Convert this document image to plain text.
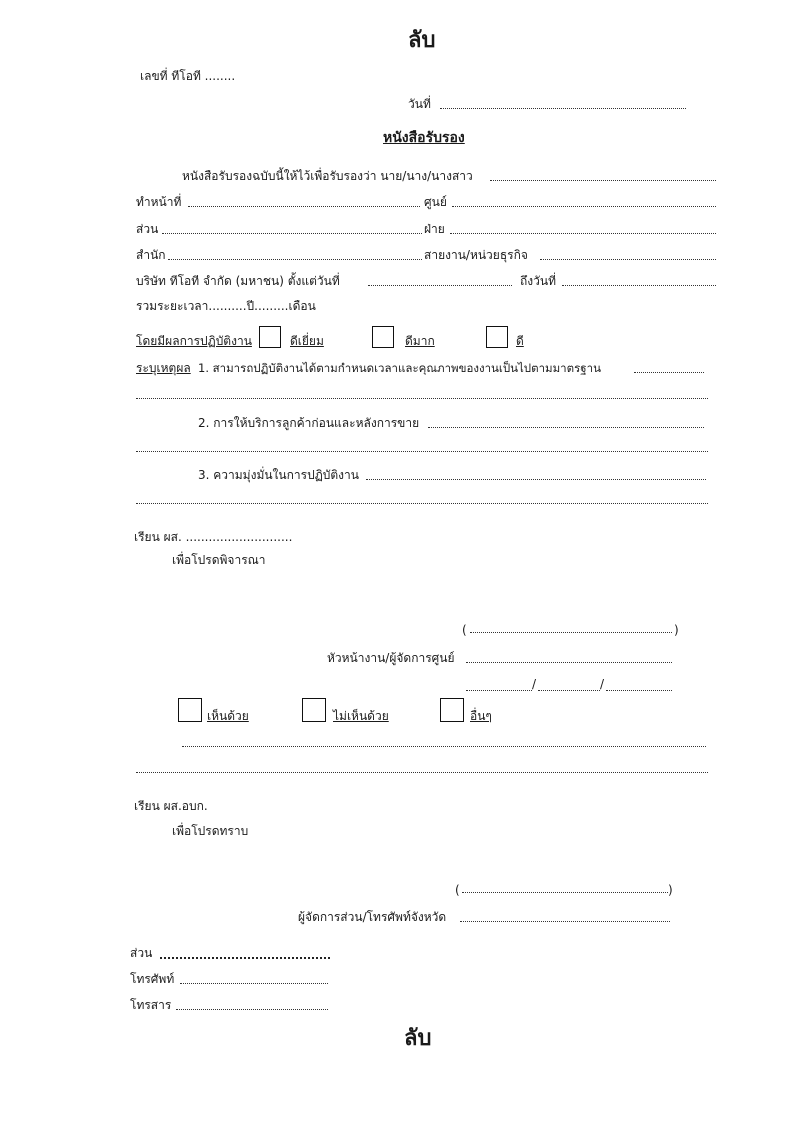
ลับ
เลขที่ ทีโอที ........
วันที่
หนังสือรับรอง
หนังสือรับรองฉบับนี้ให้ไว้เพื่อรับรองว่า นาย/นาง/นางสาว
ทำหน้าที่	ศูนย์
ส่วน	ฝ่าย
สำนัก	สายงาน/หน่วยธุรกิจ
บริษัท ทีโอที จำกัด (มหาชน) ตั้งแต่วันที่	ถึงวันที่
รวมระยะเวลา..........ปี.........เดือน
โดยมีผลการปฏิบัติงาน	ดีเยี่ยม	ดีมาก	ดี
ระบุเหตุผล 1. สามารถปฏิบัติงานได้ตามกำหนดเวลาและคุณภาพของงานเป็นไปตามมาตรฐาน
2. การให้บริการลูกค้าก่อนและหลังการขาย
3. ความมุ่งมั่นในการปฏิบัติงาน
เรียน ผส. ............................
เพื่อโปรดพิจารณา
(	)
หัวหน้างาน/ผู้จัดการศูนย์
/	/
เห็นด้วย	ไม่เห็นด้วย	อื่นๆ
เรียน ผส.อบก.
เพื่อโปรดทราบ
(	)
ผู้จัดการส่วน/โทรศัพท์จังหวัด
ส่วน
โทรศัพท์
โทรสาร
ลับ
